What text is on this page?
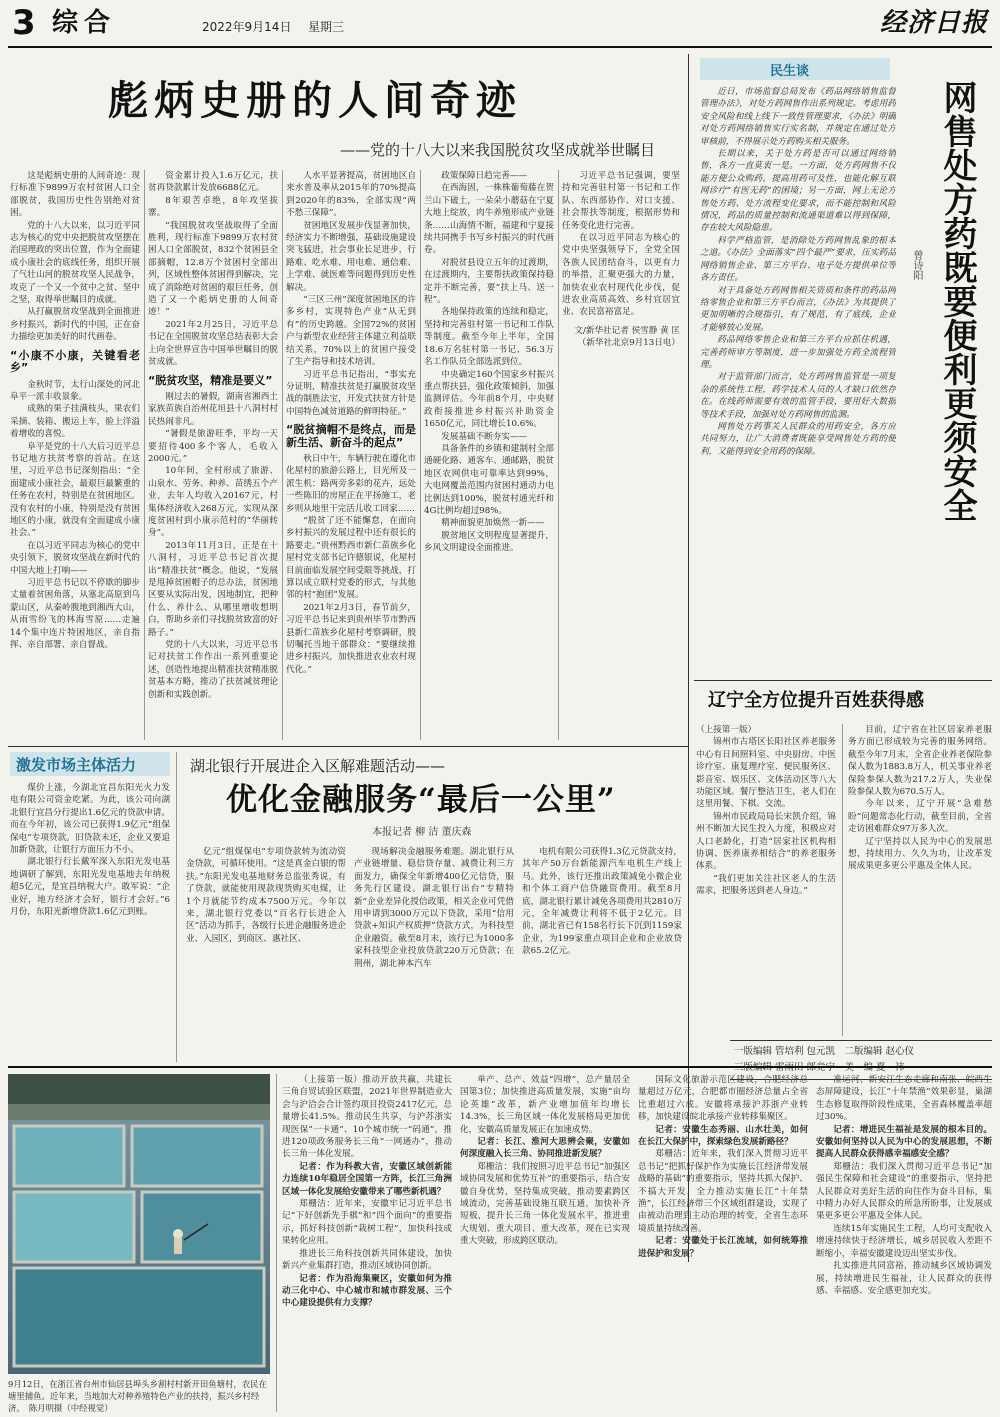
3 综合	2022年9月14日 星期三	经济日报
彪炳史册的人间奇迹
——党的十八大以来我国脱贫攻坚成就举世瞩目

这是彪炳史册的人间奇迹：现行标准下9899万农村贫困人口全部脱贫，我国历史性告别绝对贫困。

党的十八大以来，以习近平同志为核心的党中央把脱贫攻坚摆在治国理政的突出位置，作为全面建成小康社会的底线任务，组织开展了气壮山河的脱贫攻坚人民战争，攻克了一个又一个贫中之贫、坚中之坚，取得举世瞩目的成就。

从打赢脱贫攻坚战到全面推进乡村振兴，新时代的中国，正在奋力描绘更加美好的时代画卷。

“小康不小康，关键看老乡”

金秋时节，太行山深处的河北阜平一派丰收景象。

成熟的果子挂满枝头，果农们采摘、装箱、搬运上车，脸上洋溢着增收的喜悦。

阜平是党的十八大后习近平总书记地方扶贫考察的首站。在这里，习近平总书记深刻指出：“全面建成小康社会，最艰巨最繁重的任务在农村，特别是在贫困地区。没有农村的小康，特别是没有贫困地区的小康，就没有全面建成小康社会。”

在以习近平同志为核心的党中央引领下，脱贫攻坚战在新时代的中国大地上打响——

习近平总书记以不停歇的脚步丈量着贫困角落，从塞北高原到乌蒙山区，从秦岭腹地到湘西大山，从雨雪纷飞的林海雪原……走遍14个集中连片特困地区，亲自指挥、亲自部署、亲自督战。

资金累计投入1.6万亿元，扶贫再贷款累计发放6688亿元。

8年艰苦卓绝，8年攻坚拔寨。

“我国脱贫攻坚战取得了全面胜利，现行标准下9899万农村贫困人口全部脱贫，832个贫困县全部摘帽，12.8万个贫困村全部出列，区域性整体贫困得到解决，完成了消除绝对贫困的艰巨任务，创造了又一个彪炳史册的人间奇迹！”

2021年2月25日，习近平总书记在全国脱贫攻坚总结表彰大会上向全世界宣告中国举世瞩目的脱贫成就。

“脱贫攻坚，精准是要义”

刚过去的暑假，湖南省湘西土家族苗族自治州花垣县十八洞村村民热闹非凡。

“暑假是旅游旺季，平均一天要招待400多个客人，毛收入2000元。”

10年间，全村形成了旅游、山泉水、劳务、种养、苗绣五个产业，去年人均收入20167元，村集体经济收入268万元，实现从深度贫困村到小康示范村的“华丽转身”。

2013年11月3日，正是在十八洞村，习近平总书记首次提出“精准扶贫”概念。他说，“发展是甩掉贫困帽子的总办法，贫困地区要从实际出发，因地制宜，把种什么、养什么、从哪里增收想明白，帮助乡亲们寻找脱贫致富的好路子。”

党的十八大以来，习近平总书记对扶贫工作作出一系列重要论述，创造性地提出精准扶贫精准脱贫基本方略，推动了扶贫减贫理论创新和实践创新。

人水平显著提高，贫困地区自来水普及率从2015年的70%提高到2020年的83%，全部实现“两不愁三保障”。

贫困地区发展步伐显著加快，经济实力不断增强，基础设施建设突飞猛进，社会事业长足进步，行路难、吃水难、用电难、通信难、上学难、就医难等问题得到历史性解决。

“三区三州”深度贫困地区的许多乡村，实现特色产业“从无到有”的历史跨越。全国72%的贫困户与新型农业经营主体建立利益联结关系，70%以上的贫困户接受了生产指导和技术培训。

习近平总书记指出，“事实充分证明，精准扶贫是打赢脱贫攻坚战的制胜法宝，开发式扶贫方针是中国特色减贫道路的鲜明特征。”

“脱贫摘帽不是终点，而是新生活、新奋斗的起点”

秋日中午，车辆行驶在遵化市化屋村的旅游公路上，目光所及一派生机：路两旁多彩的花卉，远处一些陈旧的房屋正在平扬施工，老乡则从地里干完活儿收工回家……

“脱贫了还不能懈怠，在面向乡村振兴的发展过程中还有很长的路要走。”贵州黔西市新仁苗族乡化屋村党支部书记许德银说，化屋村目前面临发展空间受限等挑战，打算以成立联村党委的形式，与其他邻的村“抱团”发展。

2021年2月3日，春节前夕，习近平总书记来到贵州毕节市黔西县新仁苗族乡化屋村考察调研，殷切嘱托当地干部群众：“要继续推进乡村振兴，加快推进农业农村现代化。”

政策保障日趋完善——

在西海固，一株株葡萄藤在贺兰山下破土，一朵朵小蘑菇在宁夏大地上绽放，肉牛养殖形成产业链条……山海情不断，福建和宁夏接续共同携手书写乡村振兴的时代画卷。

对脱贫县设立五年的过渡期，在过渡期内，主要帮扶政策保持稳定并不断完善，要“扶上马、送一程”。

各地保持政策的连续和稳定，坚持和完善驻村第一书记和工作队等制度。截至今年上半年，全国18.6万名驻村第一书记、56.3万名工作队员全部选派到位。

中央确定160个国家乡村振兴重点帮扶县，强化政策倾斜，加强监测评估。今年前8个月，中央财政衔接推进乡村振兴补助资金1650亿元，同比增长10.6%。

发展基础不断夯实——

具备条件的乡镇和建制村全部通硬化路、通客车、通邮路，脱贫地区农网供电可靠率达到99%，大电网覆盖范围内贫困村通动力电比例达到100%，脱贫村通光纤和4G比例均超过98%。

精神面貌更加焕然一新——

脱贫地区文明程度显著提升，乡风文明建设全面推进。

习近平总书记强调，要坚持和完善驻村第一书记和工作队、东西部协作、对口支援、社会帮扶等制度，根据形势和任务变化进行完善。

在以习近平同志为核心的党中央坚强领导下，全党全国各族人民团结奋斗，以更有力的举措，汇聚更强大的力量，加快农业农村现代化步伐，促进农业高质高效、乡村宜居宜业、农民富裕富足。

文/新华社记者 侯雪静 黄 匡
（新华社北京9月13日电）
民生谈
网售处方药既要便利更须安全
曾诗阳

近日，市场监督总局发布《药品网络销售监督管理办法》，对处方药网售作出系列规定。考虑用药安全风险和线上线下一致性管理要求，《办法》明确对处方药网络销售实行实名制，并规定在通过处方审核前，不得展示处方药购买相关服务。

长期以来，关于处方药是否可以通过网络销售，各方一直莫衷一是。一方面，处方药网售不仅能方便公众购药，提高用药可及性，也能化解互联网诊疗“有医无药”的困境；另一方面，网上无论方售处方药、处方流程变化要求，而不能控制和风险情况，药品的质量控制和流通渠道难以得到保障，存在较大风险隐患。

科学严格监管，是消除处方药网售乱象的根本之道。《办法》全面落实“四个最严”要求，压实药品网络销售企业、第三方平台、电子处方提供单位等各方责任。

对于具备处方药网售相关资质和条件的药品网络零售企业和第三方平台而言，《办法》为其提供了更加明晰的合规指引，有了规范，有了底线，企业才能够放心发展。

药品网络零售企业和第三方平台应抓住机遇，完善药师审方等制度，进一步加强处方药全流程管理。

对于监管部门而言，处方药网售监管是一项复杂的系统性工程，药学技术人员的人才缺口依然存在。在线药师需要有效的监管手段，要用好大数据等技术手段，加强对处方药网售的监测。

网售处方药事关人民群众的用药安全，各方应共同努力，让广大消费者既能享受网售处方药的便利，又能得到安全用药的保障。

辽宁全方位提升百姓获得感
（上接第一版）

锦州市古塔区长阳社区养老服务中心有日间照料室、中央厨房、中医诊疗室、康复理疗室、便民服务区、影音室、娱乐区、文体活动区等八大功能区域。餐厅整洁卫生，老人们在这里用餐、下棋、交流。

锦州市民政局局长宋凯介绍，锦州不断加大民生投入力度，积极应对人口老龄化，打造“居家社区机构相协调、医养康养相结合”的养老服务体系。

“我们更加关注社区老人的生活需求，把服务送到老人身边。”

目前，辽宁省在社区居家养老服务方面已形成较为完善的服务网络。截至今年7月末，全省企业养老保险参保人数为1883.8万人，机关事业养老保险参保人数为217.2万人，失业保险参保人数为670.5万人。

今年以来，辽宁开展“急难愁盼”问题常态化行动，截至目前，全省走访困难群众97万多人次。

辽宁坚持以人民为中心的发展思想，持续用力、久久为功，让改革发展成果更多更公平惠及全体人民。

一版编辑 管培利 包元凯　二版编辑 赵心仪
激发市场主体活力

煤价上涨，今湖北宜昌东阳光火力发电有限公司资金吃紧。为此，该公司向湖北银行宜昌分行提出1.6亿元的贷款申请。而在今年初，该公司已获得1.9亿元“组保保电”专项贷款。旧贷款未还，企业又要追加新贷款，让银行方面压力不小。

湖北银行行长戴军深入东阳光发电基地调研了解到，东阳光发电基地去年纳税超5亿元，是宜昌纳税大户。敢军说：“企业好，地方经济才会好，银行才会好。”6月份，东阳光新增贷款1.6亿元到账。

湖北银行开展进企入区解难题活动——
优化金融服务“最后一公里”
本报记者 柳 洁 董庆森

亿元“组煤保电”专项贷款转为流动资金贷款，可循环使用。“这是真金白银的帮扶。”东阳光发电基地财务总监张秀说，有了贷款，就能使用现款现货购买电煤，让1个月就能节约成本7500万元。今年以来，湖北银行党委以“百名行长进企入区”活动为抓手，各级行长进企融服务进企业、入园区，到商区、惠社区、

现场解决金融服务难题。湖北银行从产业链增量、稳信贷存量、减费让利三方面发力，确保全年新增400亿元信贷，服务先行区建设。湖北银行出台“专精特新”企业差异化授信政策，相关企业可凭借用申请到3000万元以下贷款，采用“信用贷款+知识产权质押”贷款方式，为科技型企业融资。截至8月末，该行已为1000多家科技型企业投放贷款220万元贷款；在荆州，湖北神本汽车

电机有限公司获得1.3亿元贷款支持，其年产50万台新能源汽车电机生产线上马。此外，该行还推出政策减免小微企业和个体工商户信贷融资费用。截至8月底，湖北银行累计减免各项费用共2810万元，全年减费让利将不低于2亿元。目前，湖北省已有158名行长下沉到1159家企业，为199家重点项目企业和企业放贷款65.2亿元。

9月12日，在浙江省台州市仙居县埠头乡割村村新开田鱼塘村，农民在塘里捕鱼。近年来，当地加大对种养殖特色产业的扶持，振兴乡村经济。　陈月明摄（中经视觉）

（上接第一版）推动开放共赢，共建长三角自贸试验区联盟，2021年世界制造业大会与沪洽会合计签约项目投资2417亿元，总量增长41.5%。推动民生共享，与沪苏浙实现医保“一卡通”、10个城市统一“码通”，推进120项政务服务长三角“一网通办”，推动长三角一体化发展。

记者：作为科教大省，安徽区域创新能力连续10年稳居全国第一方阵，长江三角洲区域一体化发展给安徽带来了哪些新机遇？

郑栅洁：近年来，安徽牢记习近平总书记“下好创新先手棋”和“四个面向”的重要指示，抓好科技创新“栽树工程”，加快科技成果转化应用。

推进长三角科技创新共同体建设，加快新兴产业集群打造，推动区域协同创新。

记者：作为沿海集聚区，安徽如何为推动三化中心、中心城市和城市群发展、三个中心建设提供有力支撑？

单产、总产、效益“四增”，总产量居全国第3位；加快推进高质量发展，实施“亩均论英雄”改革，新产业增加值年均增长14.3%，长三角区域一体化发展格局更加优化，安徽高质量发展正在加速成势。

记者：长江、淮河大思辨会聚，安徽如何深度融入长三角、协同推进新发展？

郑栅洁：我们按照习近平总书记“加强区域协同发展和优势互补”的重要指示，结合安徽自身优势，坚持集成突破，推动要素跨区域流动，完善基础设施互联互通，加快补齐短板，提升长三角一体化发展水平，推进重大规划、重大项目、重大改革，现在已实现重大突破，形成跨区联动。

国际文化旅游示范区建设，合肥经济总量超过万亿元，合肥都市圈经济总量占全省比重超过六成。安徽将承接沪苏浙产业转移，加快建设皖北承接产业转移集聚区。

记者：安徽生态秀丽、山水壮美，如何在长江大保护中，探索绿色发展新路径？

郑栅洁：近年来，我们深入贯彻习近平总书记“把抓好保护作为实施长江经济带发展战略的基础”的重要指示，坚持共抓大保护、不搞大开发，全力推动实施长江“十年禁渔”，长江经济带三个区域组群建设，实现了由被动治理到主动治理的转变，全省生态环境质量持续改善。

记者：安徽处于长江流域，如何统筹推进保护和发展？

准运河、新安江生态走廊和南张、皖西生态屏障建设，长江“十年禁渔”效果彰显，巢湖生态修复取得阶段性成果，全省森林覆盖率超过30%。

记者：增进民生福祉是发展的根本目的。安徽如何坚持以人民为中心的发展思想，不断提高人民群众获得感幸福感安全感？

郑栅洁：我们深入贯彻习近平总书记“加强民生保障和社会建设”的重要指示，坚持把人民群众对美好生活的向往作为奋斗目标，集中精力办好人民群众的所急所盼事，让发展成果更多更公平惠及全体人民。

连续15年实施民生工程，人均可支配收入增速持续快于经济增长，城乡居民收入差距不断缩小，幸福安徽建设迈出坚实步伐。

扎实推进共同富裕，推动城乡区域协调发展，持续增进民生福祉，让人民群众的获得感、幸福感、安全感更加充实。
